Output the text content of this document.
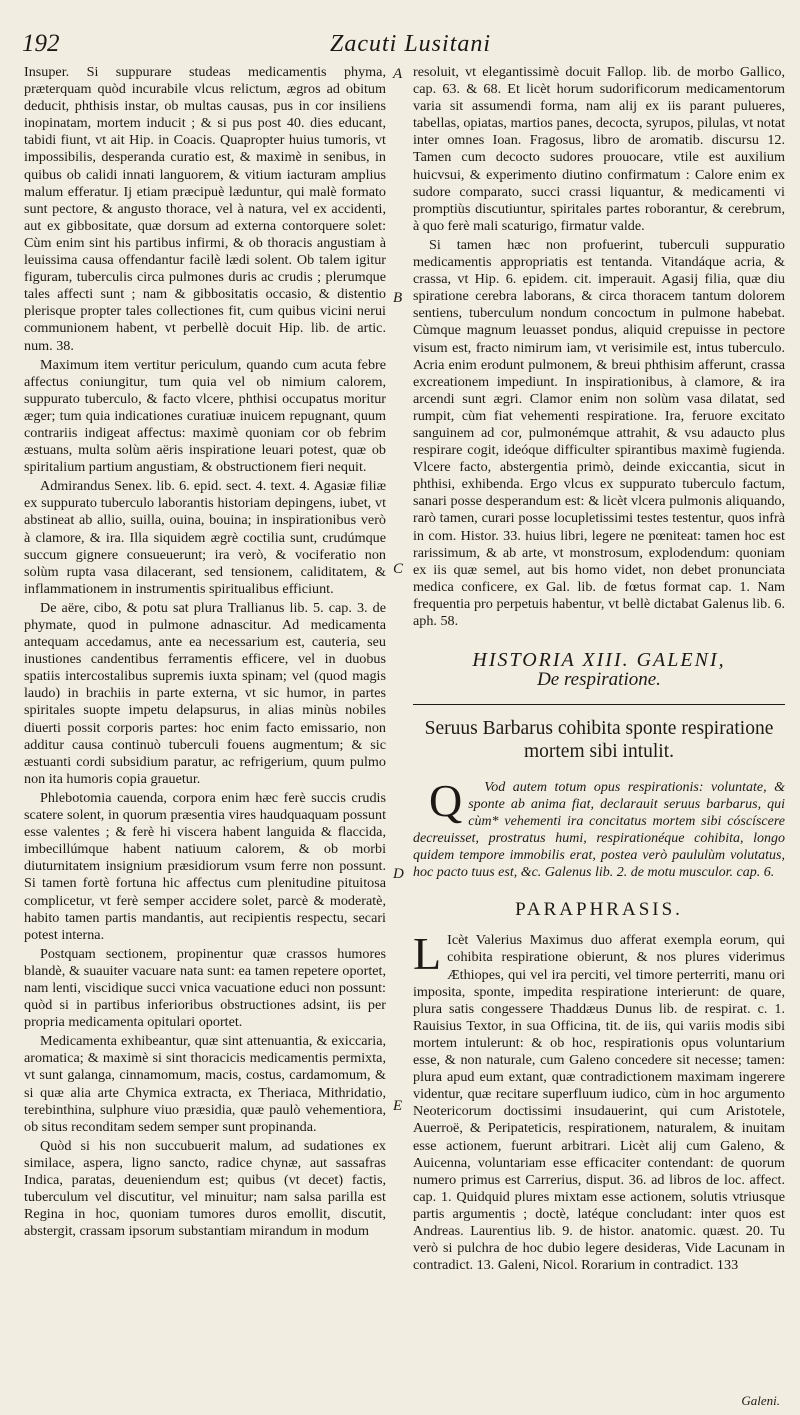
192	Zacuti Lusitani
A
B
C
D
E

Insuper. Si suppurare studeas medicamentis phyma, præterquam quòd incurabile vlcus relictum, ægros ad obitum deducit, phthisis instar, ob multas causas, pus in cor insiliens inopinatam, mortem inducit ; & si pus post 40. dies educant, tabidi fiunt, vt ait Hip. in Coacis. Quapropter huius tumoris, vt impossibilis, desperanda curatio est, & maximè in senibus, in quibus ob calidi innati languorem, & vitium iacturam amplius malum efferatur. Ij etiam præcipuè læduntur, qui malè formato sunt pectore, & angusto thorace, vel à natura, vel ex accidenti, aut ex gibbositate, quæ dorsum ad externa contorquere solet: Cùm enim sint his partibus infirmi, & ob thoracis angustiam à leuissima causa offendantur facilè lædi solent. Ob talem igitur figuram, tuberculis circa pulmones duris ac crudis ; plerumque tales affecti sunt ; nam & gibbositatis occasio, & distentio plerisque propter tales collectiones fit, cum quibus vicini nerui communionem habent, vt perbellè docuit Hip. lib. de artic. num. 38.

Maximum item vertitur periculum, quando cum acuta febre affectus coniungitur, tum quia vel ob nimium calorem, suppurato tuberculo, & facto vlcere, phthisi occupatus moritur æger; tum quia indicationes curatiuæ inuicem repugnant, quum contrariis indigeat affectus: maximè quoniam cor ob febrim æstuans, multa solùm aëris inspiratione leuari potest, quæ ob spiritalium partium angustiam, & obstructionem fieri nequit.

Admirandus Senex. lib. 6. epid. sect. 4. text. 4. Agasiæ filiæ ex suppurato tuberculo laborantis historiam depingens, iubet, vt abstineat ab allio, suilla, ouina, bouina; in inspirationibus verò à clamore, & ira. Illa siquidem ægrè coctilia sunt, crudúmque succum gignere consueuerunt; ira verò, & vociferatio non solùm rupta vasa dilacerant, sed tensionem, caliditatem, & inflammationem in instrumentis spiritualibus efficiunt.

De aëre, cibo, & potu sat plura Trallianus lib. 5. cap. 3. de phymate, quod in pulmone adnascitur. Ad medicamenta antequam accedamus, ante ea necessarium est, cauteria, seu inustiones candentibus ferramentis efficere, vel in duobus spatiis intercostalibus supremis iuxta spinam; vel (quod magis laudo) in brachiis in parte externa, vt sic humor, in partes spiritales suopte impetu delapsurus, in alias minùs nobiles diuerti possit corporis partes: hoc enim facto emissario, non additur causa continuò tuberculi fouens augmentum; & sic æstuanti cordi subsidium paratur, ac refrigerium, quum pulmo non ita humoris copia grauetur.

Phlebotomia cauenda, corpora enim hæc ferè succis crudis scatere solent, in quorum præsentia vires haudquaquam possunt esse valentes ; & ferè hi viscera habent languida & flaccida, imbecillúmque habent natiuum calorem, & ob morbi diuturnitatem insignium præsidiorum vsum ferre non possunt. Si tamen fortè fortuna hic affectus cum plenitudine pituitosa complicetur, vt ferè semper accidere solet, parcè & moderatè, habito tamen partis mandantis, aut recipientis respectu, secari potest interna.

Postquam sectionem, propinentur quæ crassos humores blandè, & suauiter vacuare nata sunt: ea tamen repetere oportet, nam lenti, viscidique succi vnica vacuatione educi non possunt: quòd si in partibus inferioribus obstructiones adsint, iis per propria medicamenta opitulari oportet.

Medicamenta exhibeantur, quæ sint attenuantia, & exiccaria, aromatica; & maximè si sint thoracicis medicamentis permixta, vt sunt galanga, cinnamomum, macis, costus, cardamomum, & si quæ alia arte Chymica extracta, ex Theriaca, Mithridatio, terebinthina, sulphure viuo præsidia, quæ paulò vehementiora, ob situs reconditam sedem semper sunt propinanda.

Quòd si his non succubuerit malum, ad sudationes ex similace, aspera, ligno sancto, radice chynæ, aut sassafras Indica, paratas, deueniendum est; quibus (vt decet) factis, tuberculum vel discutitur, vel minuitur; nam salsa parilla est Regina in hoc, quoniam tumores duros emollit, discutit, abstergit, crassam ipsorum substantiam mirandum in modum

resoluit, vt elegantissimè docuit Fallop. lib. de morbo Gallico, cap. 63. & 68. Et licèt horum sudorificorum medicamentorum varia sit assumendi forma, nam alij ex iis parant pulueres, tabellas, opiatas, martios panes, decocta, syrupos, pilulas, vt notat inter omnes Ioan. Fragosus, libro de aromatib. discursu 12. Tamen cum decocto sudores prouocare, vtile est auxilium huicvsui, & experimento diutino confirmatum : Calore enim ex sudore comparato, succi crassi liquantur, & medicamenti vi promptiùs discutiuntur, spiritales partes roborantur, & cerebrum, à quo ferè mali scaturigo, firmatur valde.

Si tamen hæc non profuerint, tuberculi suppuratio medicamentis appropriatis est tentanda. Vitandáque acria, & crassa, vt Hip. 6. epidem. cit. imperauit. Agasij filia, quæ diu spiratione cerebra laborans, & circa thoracem tantum dolorem sentiens, tuberculum nondum concoctum in pulmone habebat. Cùmque magnum leuasset pondus, aliquid crepuisse in pectore visum est, fracto nimirum iam, vt verisimile est, intus tuberculo. Acria enim erodunt pulmonem, & breui phthisim afferunt, crassa excreationem impediunt. In inspirationibus, à clamore, & ira arcendi sunt ægri. Clamor enim non solùm vasa dilatat, sed rumpit, cùm fiat vehementi respiratione. Ira, feruore excitato sanguinem ad cor, pulmonémque attrahit, & vsu adaucto plus respirare cogit, ideóque difficulter spirantibus maximè fugienda. Vlcere facto, abstergentia primò, deinde exiccantia, sicut in phthisi, exhibenda. Ergo vlcus ex suppurato tuberculo factum, sanari posse desperandum est: & licèt vlcera pulmonis aliquando, rarò tamen, curari posse locupletissimi testes testentur, quos infrà in com. Histor. 33. huius libri, legere ne pœniteat: tamen hoc est rarissimum, & ab arte, vt monstrosum, explodendum: quoniam ex iis quæ semel, aut bis homo videt, non debet pronunciata medica conficere, ex Gal. lib. de fœtus format cap. 1. Nam frequentia pro perpetuis habentur, vt bellè dictabat Galenus lib. 6. aph. 58.

HISTORIA XIII. GALENI,
De respiratione.
Seruus Barbarus cohibita sponte respiratione mortem sibi intulit.

Q Vod autem totum opus respirationis: voluntate, & sponte ab anima fiat, declarauit seruus barbarus, qui cùm* vehementi ira concitatus mortem sibi cóscíscere decreuisset, prostratus humi, respirationéque cohibita, longo quidem tempore immobilis erat, postea verò paululùm volutatus, hoc pacto tuus est, &c. Galenus lib. 2. de motu musculor. cap. 6.

PARAPHRASIS.

L Icèt Valerius Maximus duo afferat exempla eorum, qui cohibita respiratione obierunt, & nos plures viderimus Æthiopes, qui vel ira perciti, vel timore perterriti, manu ori imposita, sponte, impedita respiratione interierunt: de quare, plura satis congessere Thaddæus Dunus lib. de respirat. c. 1. Rauisius Textor, in sua Officina, tit. de iis, qui variis modis sibi mortem intulerunt: & ob hoc, respirationis opus voluntarium esse, & non naturale, cum Galeno concedere sit necesse; tamen: plura apud eum extant, quæ contradictionem maximam ingerere videntur, quæ recitare superfluum iudico, cùm in hoc argumento Neotericorum doctissimi insudauerint, qui cum Aristotele, Auerroë, & Peripateticis, respirationem, naturalem, & inuitam esse actionem, fuerunt arbitrari. Licèt alij cum Galeno, & Auicenna, voluntariam esse efficaciter contendant: de quorum numero primus est Carrerius, disput. 36. ad libros de loc. affect. cap. 1. Quidquid plures mixtam esse actionem, solutis vtriusque partis argumentis ; doctè, latéque concludant: inter quos est Andreas. Laurentius lib. 9. de histor. anatomic. quæst. 20. Tu verò si pulchra de hoc dubio legere desideras, Vide Lacunam in contradict. 13. Galeni, Nicol. Rorarium in contradict. 133

Galeni.
